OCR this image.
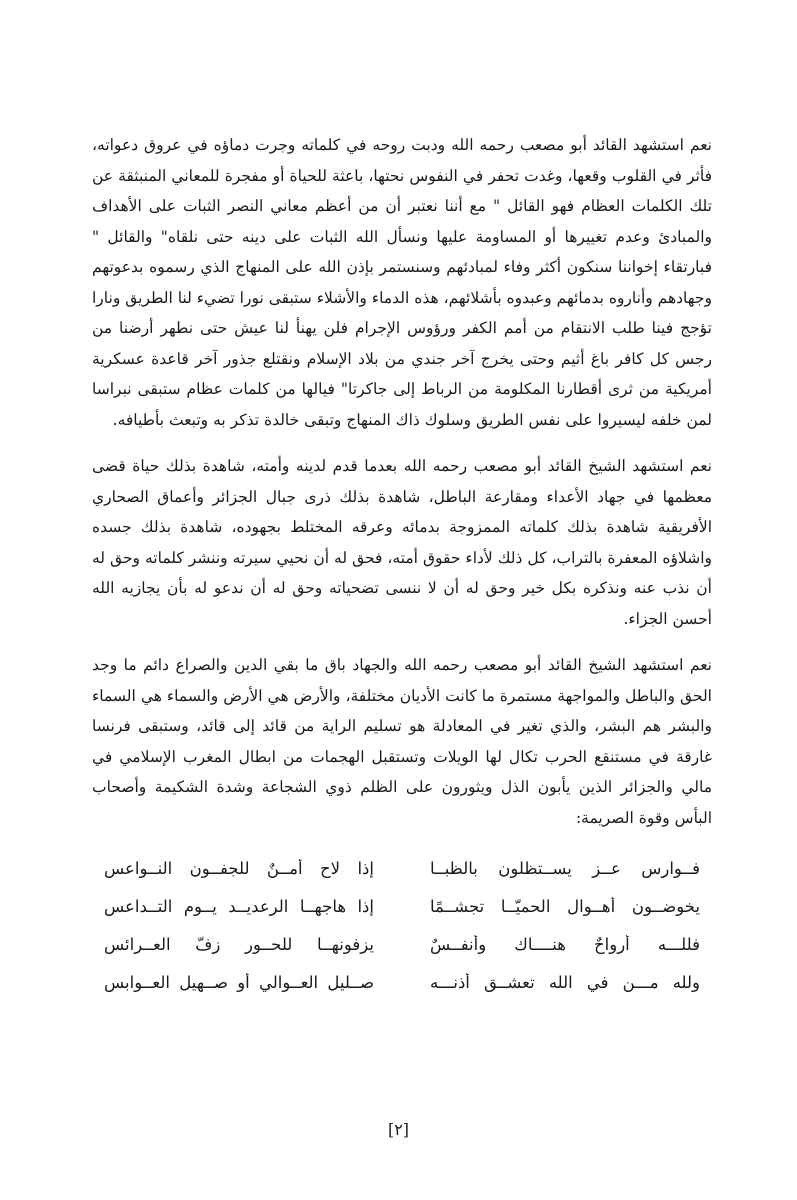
نعم استشهد القائد أبو مصعب رحمه الله ودبت روحه في كلماته وجرت دماؤه في عروق دعواته، فأثر في القلوب وقعها، وغدت تحفر في النفوس نحتها، باعثة للحياة أو مفجرة للمعاني المنبثقة عن تلك الكلمات العظام فهو القائل " مع أننا نعتبر أن من أعظم معاني النصر الثبات على الأهداف والمبادئ وعدم تغييرها أو المساومة عليها ونسأل الله الثبات على دينه حتى نلقاه" والقائل " فبارتقاء إخواننا سنكون أكثر وفاء لمبادئهم وسنستمر بإذن الله على المنهاج الذي رسموه بدعوتهم وجهادهم وأناروه بدمائهم وعبدوه بأشلائهم، هذه الدماء والأشلاء ستبقى نورا تضيء لنا الطريق ونارا تؤجج فينا طلب الانتقام من أمم الكفر ورؤوس الإجرام فلن يهنأ لنا عيش حتى نطهر أرضنا من رجس كل كافر باغ أثيم وحتى يخرج آخر جندي من بلاد الإسلام ونقتلع جذور آخر قاعدة عسكرية أمريكية من ثرى أقطارنا المكلومة من الرباط إلى جاكرتا" فيالها من كلمات عظام ستبقى نبراسا لمن خلفه ليسيروا على نفس الطريق وسلوك ذاك المنهاج وتبقى خالدة تذكر به وتبعث بأطيافه.

نعم استشهد الشيخ القائد أبو مصعب رحمه الله بعدما قدم لدينه وأمته، شاهدة بذلك حياة قضى معظمها في جهاد الأعداء ومقارعة الباطل، شاهدة بذلك ذرى جبال الجزائر وأعماق الصحاري الأفريقية شاهدة بذلك كلماته الممزوجة بدمائه وعرقه المختلط بجهوده، شاهدة بذلك جسده واشلاؤه المعفرة بالتراب، كل ذلك لأداء حقوق أمته، فحق له أن نحيي سيرته وننشر كلماته وحق له أن نذب عنه ونذكره بكل خير وحق له أن لا ننسى تضحياته وحق له أن ندعو له بأن يجازيه الله أحسن الجزاء.

نعم استشهد الشيخ القائد أبو مصعب رحمه الله والجهاد باق ما بقي الدين والصراع دائم ما وجد الحق والباطل والمواجهة مستمرة ما كانت الأديان مختلفة، والأرض هي الأرض والسماء هي السماء والبشر هم البشر، والذي تغير في المعادلة هو تسليم الراية من قائد إلى قائد، وستبقى فرنسا غارقة في مستنقع الحرب تكال لها الويلات وتستقبل الهجمات من ابطال المغرب الإسلامي في مالي والجزائر الذين يأبون الذل ويثورون على الظلم ذوي الشجاعة وشدة الشكيمة وأصحاب البأس وقوة الصريمة:

فــوارس عــز يســتظلون بالظبــا
إذا لاح أمــنٌ للجفــون النــواعسِ
يخوضــون أهــوال الحميّــا تجشــمًا
إذا هاجهــا الرعديــد يــوم التــداعسِ
فللـــه أرواحٌ هنــــاك وأنفــسٌ
يزفونهــا للحــور زفّ العــرائسِ
ولله مـــن في الله تعشــق أذنـــه
صــليل العــوالي أو صــهيل العــوابسِ
[٢]
